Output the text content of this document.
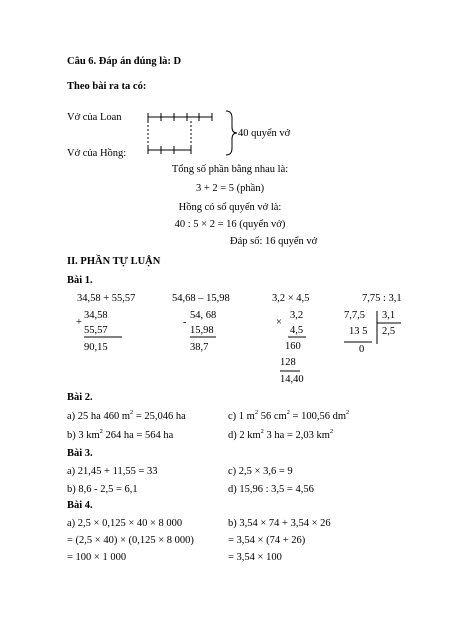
Câu 6. Đáp án đúng là: D
Theo bài ra ta có:
Vở của Loan
Vở của Hồng:
40 quyển vở
Tổng số phần bằng nhau là:
3 + 2 = 5 (phần)
Hồng có số quyển vở là:
40 : 5 × 2 = 16 (quyển vở)
Đáp số: 16 quyển vở
II. PHẦN TỰ LUẬN
Bài 1.
34,58 + 55,57	54,68 – 15,98	3,2 × 4,5	7,75 : 3,1
+
34,58
55,57
90,15
-
54, 68
15,98
38,7
×
3,2
4,5
160
128
14,40
7,7,5 3,1
13 5 2,5
0
Bài 2.
a) 25 ha 460 $m^2 = 25,046$ ha
b) 3 $km^2$ 264 ha = 564 ha
c) 1 $m^2$ 56 $cm^2 = 100,56$ $dm^2$
d) 2 $km^2$ 3 ha = 2,03 $km^2$
Bài 3.
a) 21,45 + 11,55 = 33
b) 8,6 - 2,5 = 6,1
c) 2,5 × 3,6 = 9
d) 15,96 : 3,5 = 4,56
Bài 4.
a) 2,5 × 0,125 × 40 × 8 000
= (2,5 × 40) × (0,125 × 8 000)
= 100 × 1 000
b) 3,54 × 74 + 3,54 × 26
= 3,54 × (74 + 26)
= 3,54 × 100
